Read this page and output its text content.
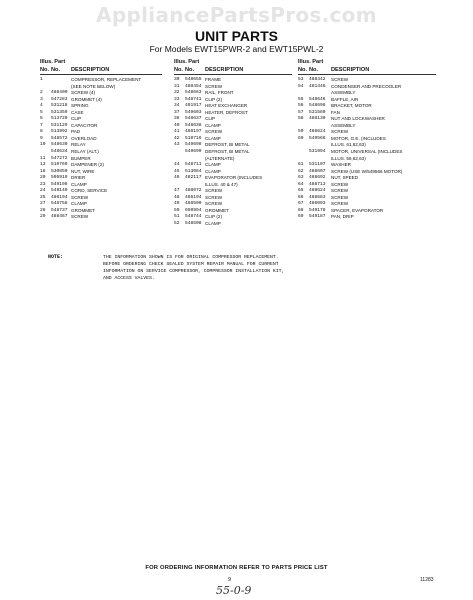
AppliancePartsPros.com
UNIT PARTS
For Models EWT15PWR-2 and EWT15PWL-2
Illus. Part
No. No. DESCRIPTION
1	COMPRESSOR, REPLACEMENT
(SEE NOTE BELOW)
2 488400 SCREW (4)
3 547283 GROMMET (4)
4 531218 SPRING
5 531359 CASE
6 513720 CLIP
7 531129 CAPACITOR
8 513992 PAD
9 548572 OVERLOAD
10 548630 RELAY
548634 RELAY (ALT.)
11 547272 BUMPER
13 510769 DAMPENER (2)
18 530850 NUT, WIRE
20 505919 DRIER
23 549198 CLAMP
24 549140 CORD, SERVICE
25 486194 SCREW
27 548758 CLAMP
28 548737 GROMMET
29 488467 SCREW
Illus. Part
No. No. DESCRIPTION
30 548655 FRAME
31 488454 SCREW
32 548663 RAIL, FRONT
33 548741 CLIP (2)
34 481917 HEAT EXCHANGER
37 549603 HEATER, DEFROST
38 548637 CLIP
40 548638 CLAMP
41 488197 SCREW
42 510716 CLAMP
43 549698 DEFROST, BI METAL
549699 DEFROST, BI METAL
(ALTERNATE)
44 548711 CLAMP
45 513084 CLAMP
46 482117 EVAPORATOR (INCLUDES
ILLUS. 40 & 47)
47 488072 SCREW
48 486194 SCREW
49 488500 SCREW
50 650994 GROMMET
51 548744 CLIP (2)
52 548508 CLAMP
Illus. Part
No. No. DESCRIPTION
53 488442 SCREW
54 481446 CONDENSER AND PRECOOLER
ASSEMBLY
55 548646 BAFFLE, AIR
56 548696 BRACKET, MOTOR
57 531580 FAN
58 488130 NUT AND LOCKWASHER
ASSEMBLY
59 488624 SCREW
60 549566 MOTOR, G.E. (INCLUDES
ILLUS. 61,62,63)
531994 MOTOR, UNIVERSAL (INCLUDES
ILLUS. 59,62,63)
61 531107 WASHER
62 488607 SCREW (USE W/549566 MOTOR)
63 488692 NUT, SPEED
64 488713 SCREW
65 488624 SCREW
66 488683 SCREW
67 486093 SCREW
68 549178 SPACER, EVAPORATOR
69 549187 PAN, DRIP
NOTE:	THE INFORMATION SHOWN IS FOR ORIGINAL COMPRESSOR REPLACEMENT.
BEFORE ORDERING CHECK SEALED SYSTEM REPAIR MANUAL FOR CURRENT
INFORMATION ON SERVICE COMPRESSOR, COMPRESSOR INSTALLATION KIT,
AND ACCESS VALVES.
FOR ORDERING INFORMATION REFER TO PARTS PRICE LIST
9
55-0-9
11283
